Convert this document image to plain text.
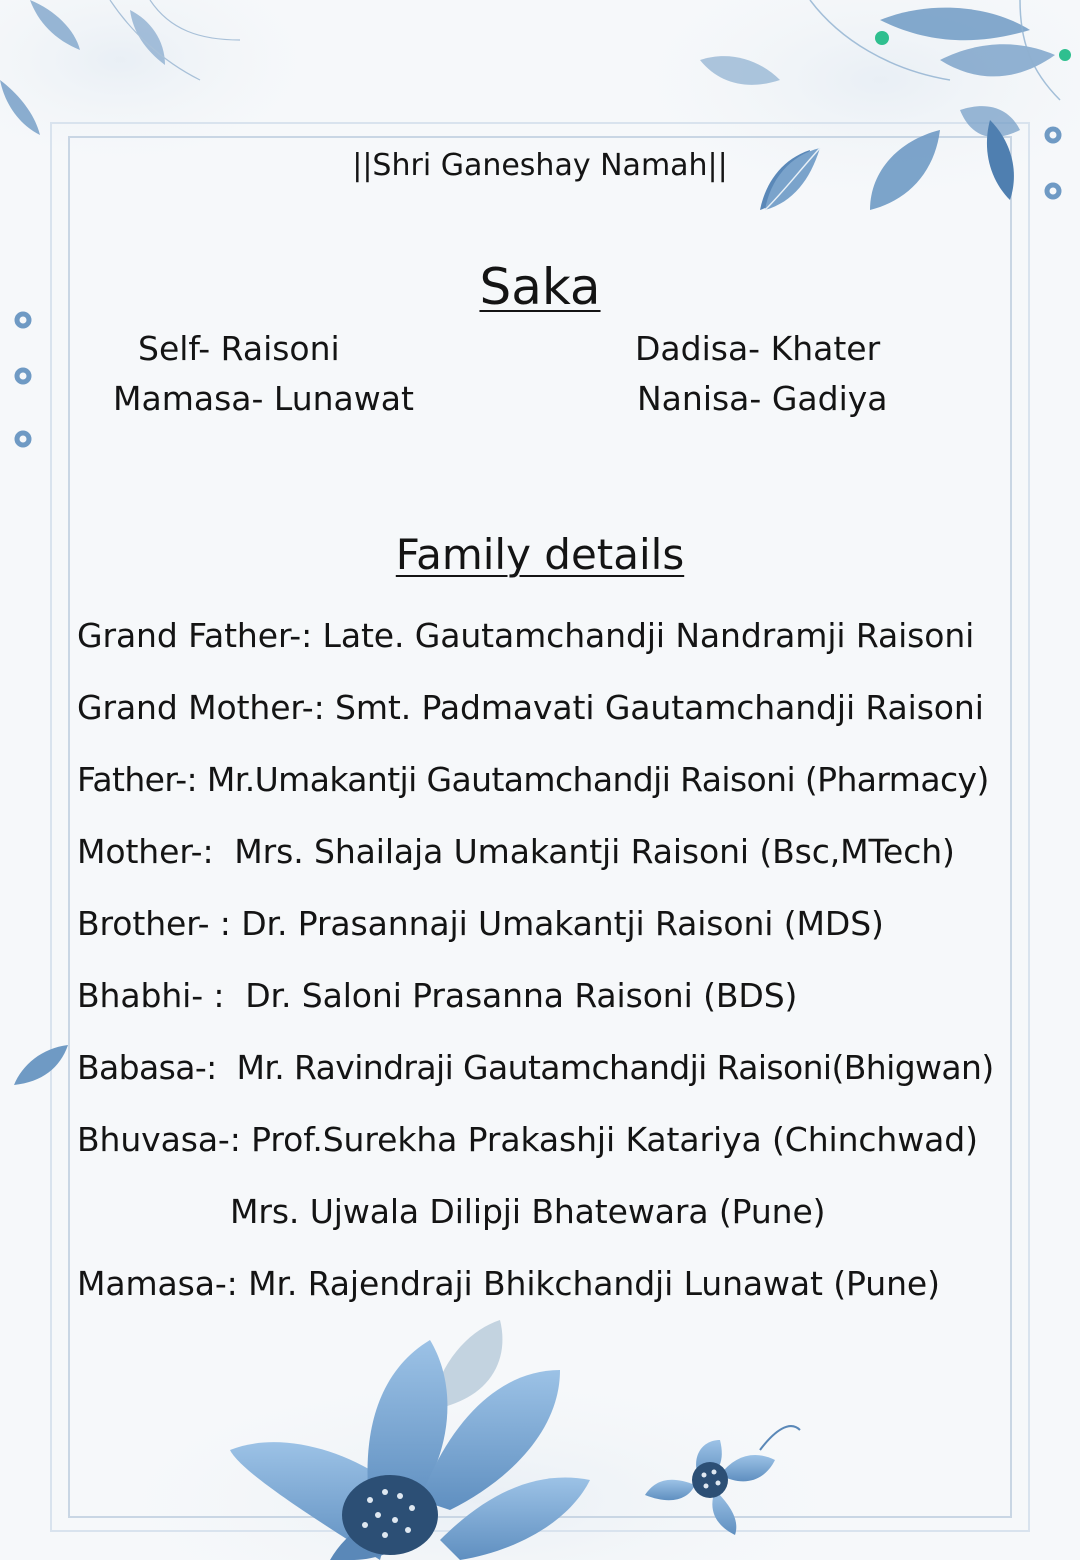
||Shri Ganeshay Namah||
Saka
Self- Raisoni
Mamasa- Lunawat
Dadisa- Khater
Nanisa- Gadiya
Family details
Grand Father-: Late. Gautamchandji Nandramji Raisoni
Grand Mother-: Smt. Padmavati Gautamchandji Raisoni
Father-: Mr.Umakantji Gautamchandji Raisoni (Pharmacy)
Mother-:  Mrs. Shailaja Umakantji Raisoni (Bsc,MTech)
Brother- : Dr. Prasannaji Umakantji Raisoni (MDS)
Bhabhi- :  Dr. Saloni Prasanna Raisoni (BDS)
Babasa-:  Mr. Ravindraji Gautamchandji Raisoni(Bhigwan)
Bhuvasa-: Prof.Surekha Prakashji Katariya (Chinchwad)
Mrs. Ujwala Dilipji Bhatewara (Pune)
Mamasa-: Mr. Rajendraji Bhikchandji Lunawat (Pune)
